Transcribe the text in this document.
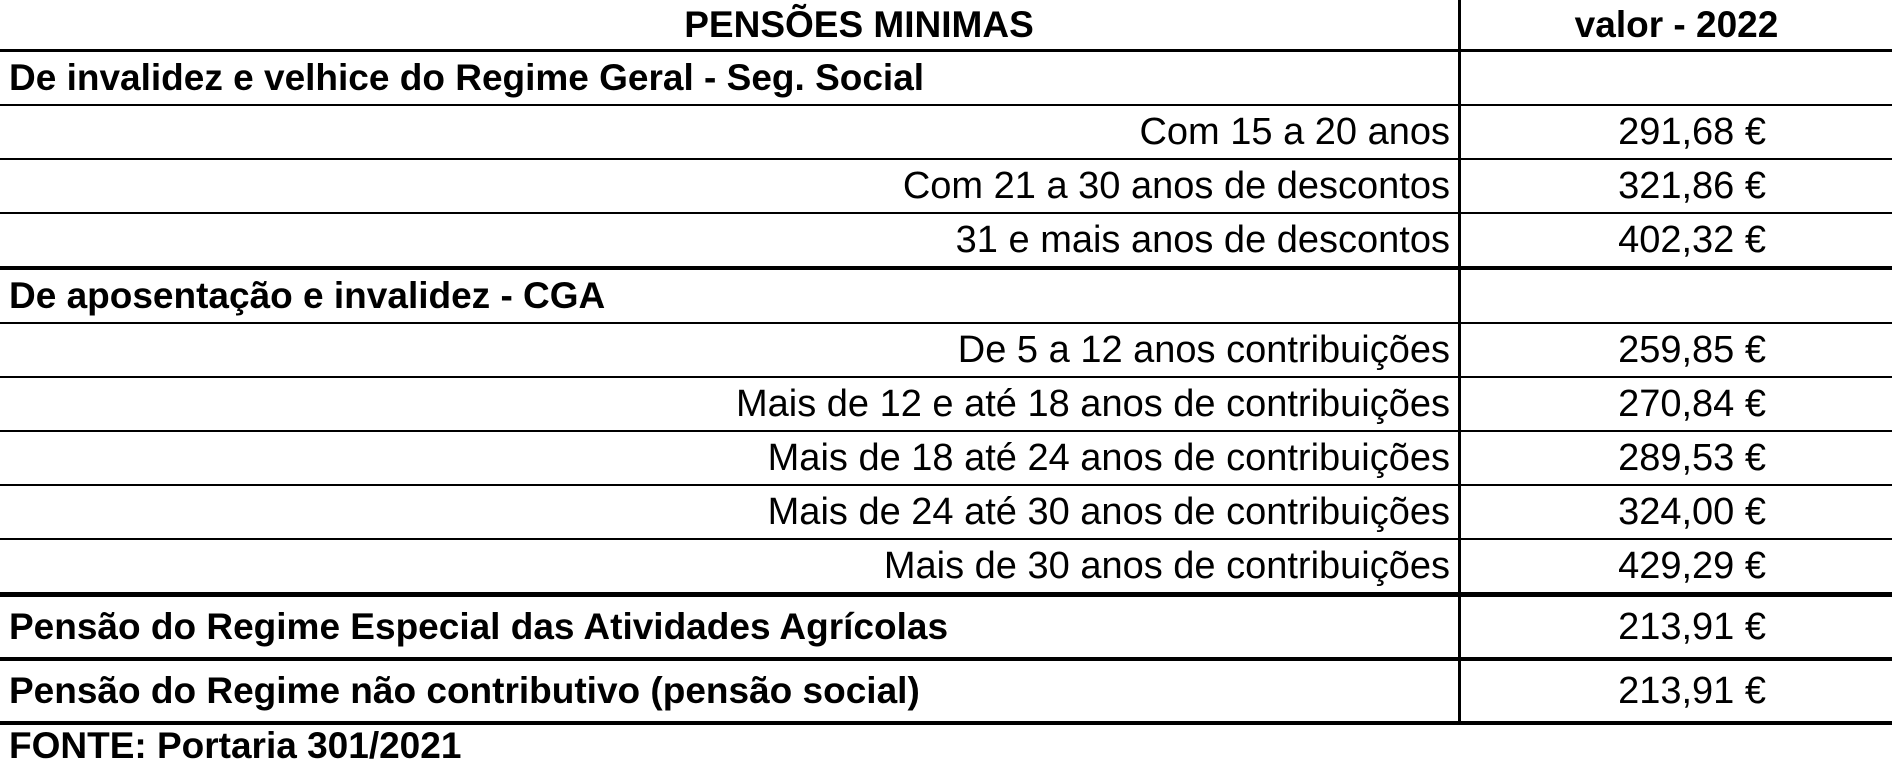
PENSÕES MINIMAS	valor - 2022
De invalidez e velhice do Regime Geral - Seg. Social
Com 15 a 20 anos	291,68 €
Com 21 a 30 anos de descontos	321,86 €
31 e mais anos de descontos	402,32 €
De aposentação e invalidez - CGA
De 5 a 12 anos contribuições	259,85 €
Mais de 12 e até 18 anos de contribuições	270,84 €
Mais de 18 até 24 anos de contribuições	289,53 €
Mais de 24 até 30 anos de contribuições	324,00 €
Mais de 30 anos de contribuições	429,29 €
Pensão do Regime Especial das Atividades Agrícolas	213,91 €
Pensão do Regime não contributivo (pensão social)	213,91 €
FONTE: Portaria 301/2021
